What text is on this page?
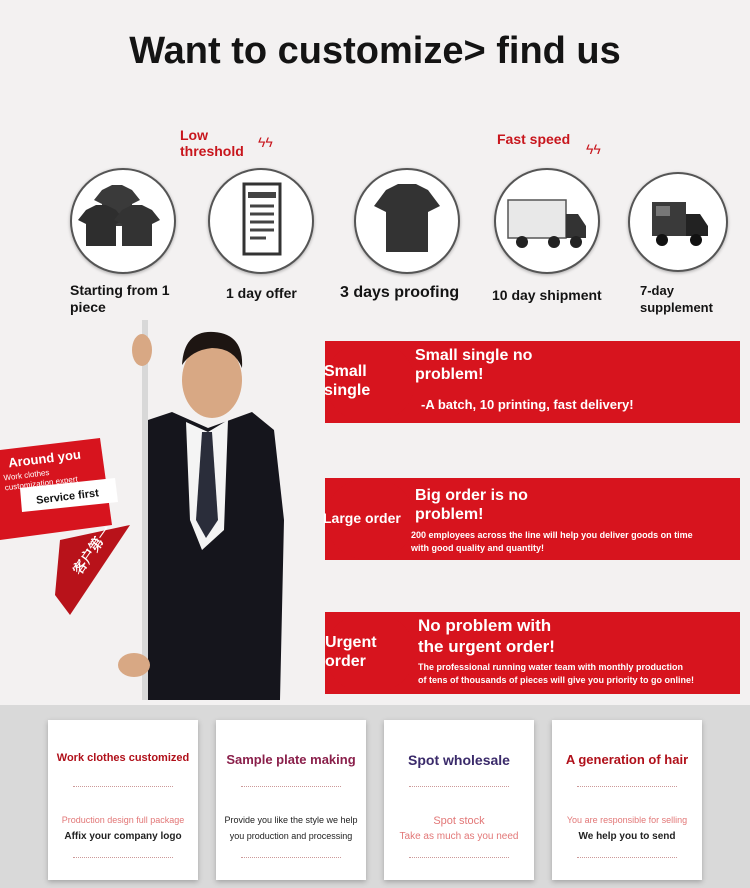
Want to customize> find us
Low
threshold
ϟϟ	Fast speed
ϟϟ
Starting from 1
piece
1 day offer	3 days proofing 10 day shipment	7-day
supplement
Around you
Work clothes
customization expert
Service first
客户第一
Small
single
Small single no
problem!
-A batch, 10 printing, fast delivery!
Large order
Big order is no
problem!
200 employees across the line will help you deliver goods on time
with good quality and quantity!
Urgent
order
No problem with
the urgent order!
The professional running water team with monthly production
of tens of thousands of pieces will give you priority to go online!
Work clothes customized
Production design full package
Affix your company logo
Sample plate making
Provide you like the style we help
you production and processing
Spot wholesale
Spot stock
Take as much as you need
A generation of hair
You are responsible for selling
We help you to send
